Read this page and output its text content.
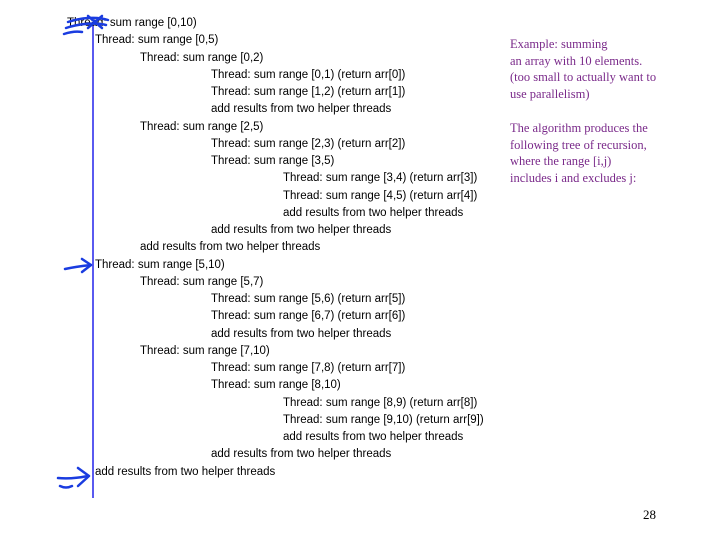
Thread: sum range [0,10)
Thread: sum range [0,5)
Thread: sum range [0,2)
Thread: sum range [0,1) (return arr[0])
Thread: sum range [1,2) (return arr[1])
add results from two helper threads
Thread: sum range [2,5)
Thread: sum range [2,3) (return arr[2])
Thread: sum range [3,5)
Thread: sum range [3,4) (return arr[3])
Thread: sum range [4,5) (return arr[4])
add results from two helper threads
add results from two helper threads
add results from two helper threads
Thread: sum range [5,10)
Thread: sum range [5,7)
Thread: sum range [5,6) (return arr[5])
Thread: sum range [6,7) (return arr[6])
add results from two helper threads
Thread: sum range [7,10)
Thread: sum range [7,8) (return arr[7])
Thread: sum range [8,10)
Thread: sum range [8,9) (return arr[8])
Thread: sum range [9,10) (return arr[9])
add results from two helper threads
add results from two helper threads
add results from two helper threads
Example: summing
an array with 10 elements.
(too small to actually want to
use parallelism)
The algorithm produces the
following tree of recursion,
where the range [i,j)
includes i and excludes j:
28
